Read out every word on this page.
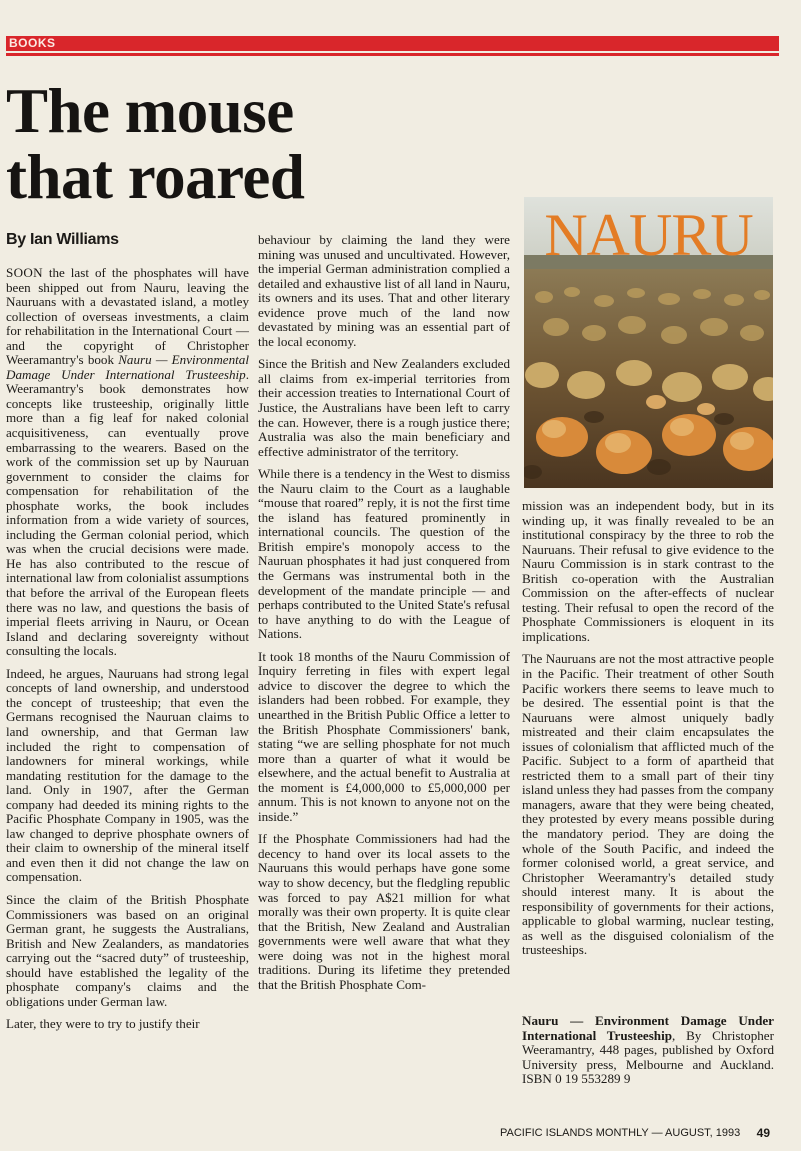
BOOKS
The mouse
that roared
By Ian Williams

SOON the last of the phosphates will have been shipped out from Nauru, leaving the Nauruans with a devastated island, a motley collection of overseas investments, a claim for rehabilitation in the International Court — and the copyright of Christopher Weeramantry's book Nauru — Environmental Damage Under International Trusteeship. Weeramantry's book demonstrates how concepts like trusteeship, originally little more than a fig leaf for naked colonial acquisitiveness, can eventually prove embarrassing to the wearers. Based on the work of the commission set up by Nauruan government to consider the claims for compensation for rehabilitation of the phosphate works, the book includes information from a wide variety of sources, including the German colonial period, which was when the crucial decisions were made. He has also contributed to the rescue of international law from colonialist assumptions that before the arrival of the European fleets there was no law, and questions the basis of imperial fleets arriving in Nauru, or Ocean Island and declaring sovereignty without consulting the locals.

Indeed, he argues, Nauruans had strong legal concepts of land ownership, and understood the concept of trusteeship; that even the Germans recognised the Nauruan claims to land ownership, and that German law included the right to compensation of landowners for mineral workings, while mandating restitution for the damage to the land. Only in 1907, after the German company had deeded its mining rights to the Pacific Phosphate Company in 1905, was the law changed to deprive phosphate owners of their claim to ownership of the mineral itself and even then it did not change the law on compensation.

Since the claim of the British Phosphate Commissioners was based on an original German grant, he suggests the Australians, British and New Zealanders, as mandatories carrying out the “sacred duty” of trusteeship, should have established the legality of the phosphate company's claims and the obligations under German law.

Later, they were to try to justify their

behaviour by claiming the land they were mining was unused and uncultivated. However, the imperial German administration complied a detailed and exhaustive list of all land in Nauru, its owners and its uses. That and other literary evidence prove much of the land now devastated by mining was an essential part of the local economy.

Since the British and New Zealanders excluded all claims from ex-imperial territories from their accession treaties to International Court of Justice, the Australians have been left to carry the can. However, there is a rough justice there; Australia was also the main beneficiary and effective administrator of the territory.

While there is a tendency in the West to dismiss the Nauru claim to the Court as a laughable “mouse that roared” reply, it is not the first time the island has featured prominently in international councils. The question of the British empire's monopoly access to the Nauruan phosphates it had just conquered from the Germans was instrumental both in the development of the mandate principle — and perhaps contributed to the United State's refusal to have anything to do with the League of Nations.

It took 18 months of the Nauru Commission of Inquiry ferreting in files with expert legal advice to discover the degree to which the islanders had been robbed. For example, they unearthed in the British Public Office a letter to the British Phosphate Commissioners' bank, stating “we are selling phosphate for not much more than a quarter of what it would be elsewhere, and the actual benefit to Australia at the moment is £4,000,000 to £5,000,000 per annum. This is not known to anyone not on the inside.”

If the Phosphate Commissioners had had the decency to hand over its local assets to the Nauruans this would perhaps have gone some way to show decency, but the fledgling republic was forced to pay A$21 million for what morally was their own property. It is quite clear that the British, New Zealand and Australian governments were well aware that what they were doing was not in the highest moral traditions. During its lifetime they pretended that the British Phosphate Com-

NAURU

mission was an independent body, but in its winding up, it was finally revealed to be an institutional conspiracy by the three to rob the Nauruans. Their refusal to give evidence to the Nauru Commission is in stark contrast to the British co-operation with the Australian Commission on the after-effects of nuclear testing. Their refusal to open the record of the Phosphate Commissioners is eloquent in its implications.

The Nauruans are not the most attractive people in the Pacific. Their treatment of other South Pacific workers there seems to leave much to be desired. The essential point is that the Nauruans were almost uniquely badly mistreated and their claim encapsulates the issues of colonialism that afflicted much of the Pacific. Subject to a form of apartheid that restricted them to a small part of their tiny island unless they had passes from the company managers, aware that they were being cheated, they protested by every means possible during the mandatory period. They are doing the whole of the South Pacific, and indeed the former colonised world, a great service, and Christopher Weeramantry's detailed study should interest many. It is about the responsibility of governments for their actions, applicable to global warming, nuclear testing, as well as the disguised colonialism of the trusteeships.

Nauru — Environment Damage Under International Trusteeship, By Christopher Weeramantry, 448 pages, published by Oxford University press, Melbourne and Auckland. ISBN 0 19 553289 9
PACIFIC ISLANDS MONTHLY — AUGUST, 1993 49
